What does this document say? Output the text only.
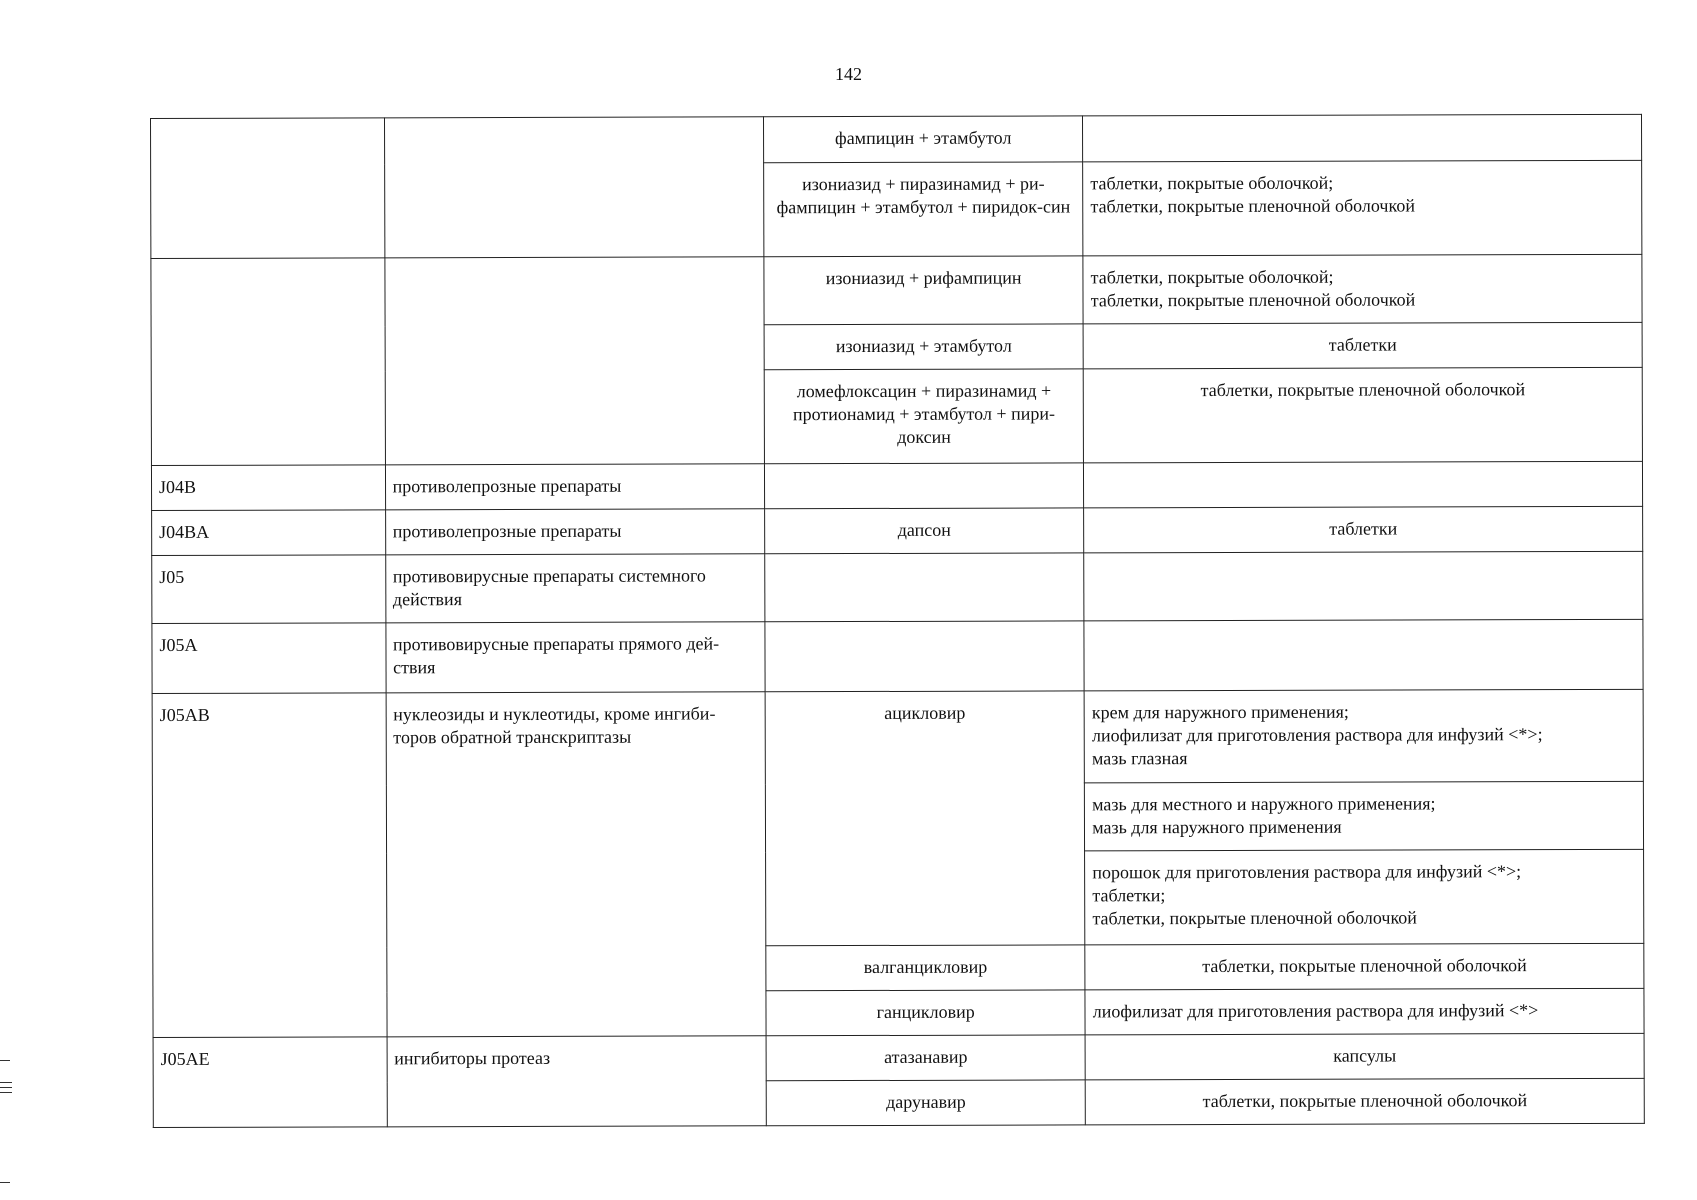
142
		фампицин + этамбутол	
		изониазид + пиразинамид + ри-фампицин + этамбутол + пиридок-син	таблетки, покрытые оболочкой;
таблетки, покрытые пленочной оболочкой

		изониазид + рифампицин	таблетки, покрытые оболочкой;
таблетки, покрытые пленочной оболочкой

		изониазид + этамбутол	таблетки

		ломефлоксацин + пиразинамид + протионамид + этамбутол + пири-доксин	таблетки, покрытые пленочной оболочкой

J04B	противолепрозные препараты		
J04BA	противолепрозные препараты	дапсон	таблетки

J05	противовирусные препараты системного действия		
J05A	противовирусные препараты прямого дей-ствия		
J05AB	нуклеозиды и нуклеотиды, кроме ингиби-торов обратной транскриптазы	ацикловир	крем для наружного применения;
лиофилизат для приготовления раствора для инфузий <*>;
мазь глазная

			мазь для местного и наружного применения;
мазь для наружного применения

			порошок для приготовления раствора для инфузий <*>;
таблетки;
таблетки, покрытые пленочной оболочкой

		валганцикловир	таблетки, покрытые пленочной оболочкой

		ганцикловир	лиофилизат для приготовления раствора для инфузий <*>

J05AE	ингибиторы протеаз	атазанавир	капсулы

		дарунавир	таблетки, покрытые пленочной оболочкой
